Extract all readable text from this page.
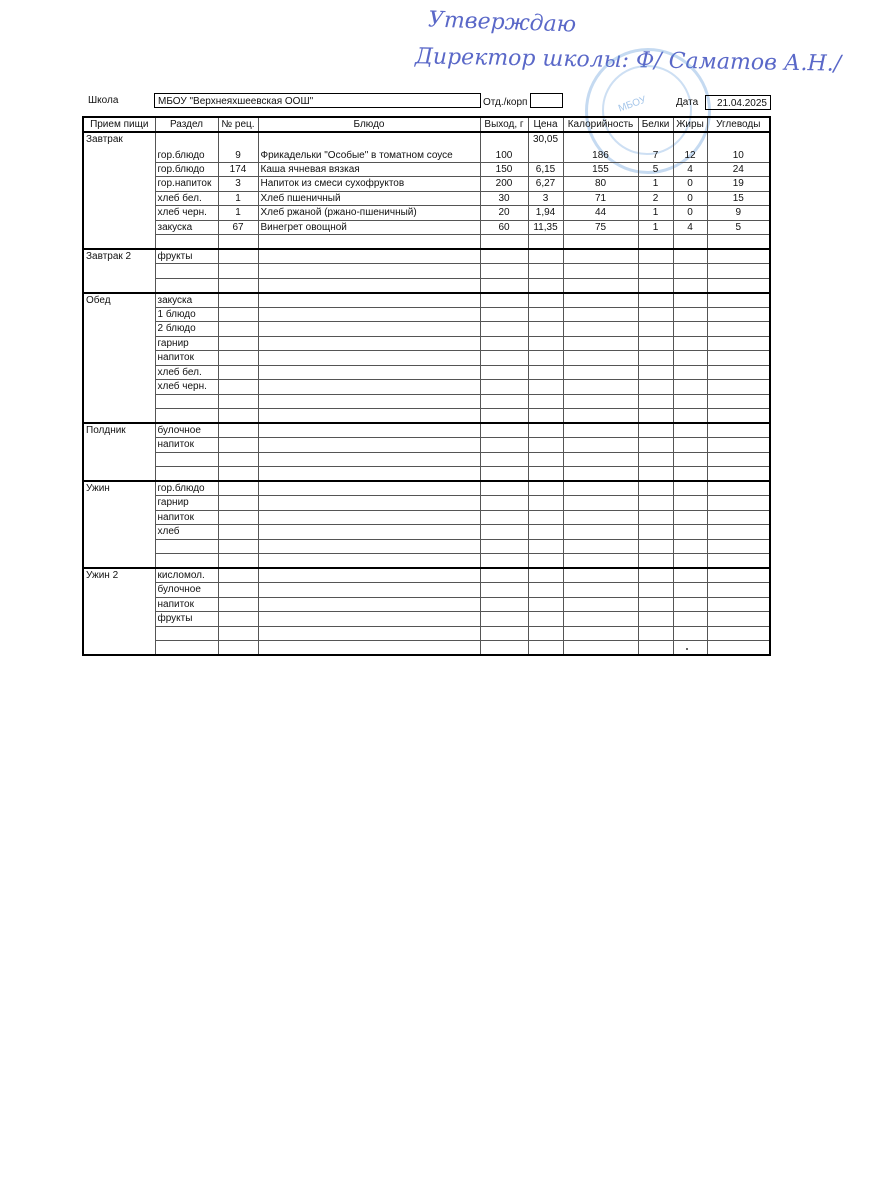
Утверждаю
Директор школы: Ф/ Саматов А.Н./
МБОУ
Школа	МБОУ "Верхнеяхшеевская ООШ"	Отд./корп	Дата	21.04.2025
Прием пищи	Раздел	№ рец.	Блюдо	Выход, г	Цена	Калорийность	Белки	Жиры	Углеводы
Завтрак	гор.блюдо	9	Фрикадельки "Особые" в томатном соусе	100	30,05	186	7	12	10
	гор.блюдо	174	Каша ячневая вязкая	150	6,15	155	5	4	24
	гор.напиток	3	Напиток из смеси сухофруктов	200	6,27	80	1	0	19
	хлеб бел.	1	Хлеб пшеничный	30	3	71	2	0	15
	хлеб черн.	1	Хлеб ржаной (ржано-пшеничный)	20	1,94	44	1	0	9
	закуска	67	Винегрет овощной	60	11,35	75	1	4	5

Завтрак 2	фрукты								

Обед	закуска								
	1 блюдо								
	2 блюдо								
	гарнир								
	напиток								
	хлеб бел.								
	хлеб черн.								

Полдник	булочное								
	напиток								

Ужин	гор.блюдо								
	гарнир								
	напиток								
	хлеб								

Ужин 2	кисломол.								
	булочное								
	напиток								
	фрукты								
